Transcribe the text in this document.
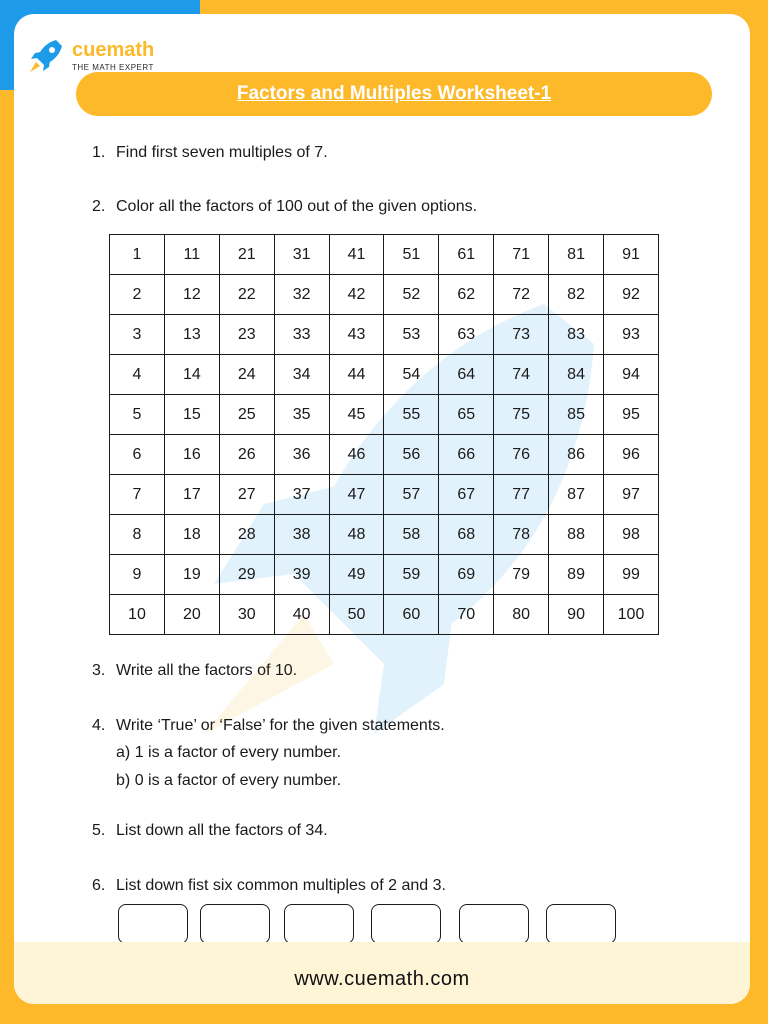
cuemath
THE MATH EXPERT
Factors and Multiples Worksheet-1
1. Find first seven multiples of 7.
2. Color all the factors of 100 out of the given options.
1	11	21	31	41	51	61	71	81	91
2	12	22	32	42	52	62	72	82	92
3	13	23	33	43	53	63	73	83	93
4	14	24	34	44	54	64	74	84	94
5	15	25	35	45	55	65	75	85	95
6	16	26	36	46	56	66	76	86	96
7	17	27	37	47	57	67	77	87	97
8	18	28	38	48	58	68	78	88	98
9	19	29	39	49	59	69	79	89	99
10	20	30	40	50	60	70	80	90	100
3. Write all the factors of 10.
4. Write ‘True’ or ‘False’ for the given statements.
a) 1 is a factor of every number.
b) 0 is a factor of every number.
5. List down all the factors of 34.
6. List down fist six common multiples of 2 and 3.
www.cuemath.com
